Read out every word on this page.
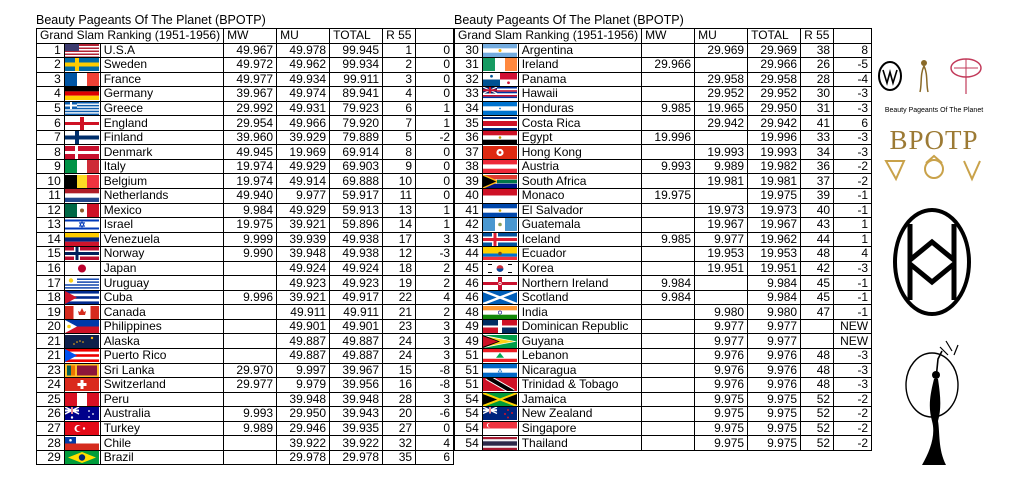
Beauty Pageants Of The Planet (BPOTP)
Grand Slam Ranking (1951-1956)			MW	MU	TOTAL	R 55	
1		U.S.A	49.967	49.978	99.945	1	0
2		Sweden	49.972	49.962	99.934	2	0
3		France	49.977	49.934	99.911	3	0
4		Germany	39.967	49.974	89.941	4	0
5		Greece	29.992	49.931	79.923	6	1
6		England	29.954	49.966	79.920	7	1
7		Finland	39.960	39.929	79.889	5	-2
8		Denmark	49.945	19.969	69.914	8	0
9		Italy	19.974	49.929	69.903	9	0
10		Belgium	19.974	49.914	69.888	10	0
11		Netherlands	49.940	9.977	59.917	11	0
12		Mexico	9.984	49.929	59.913	13	1
13		Israel	19.975	39.921	59.896	14	1
14		Venezuela	9.999	39.939	49.938	17	3
15		Norway	9.990	39.948	49.938	12	-3
16		Japan		49.924	49.924	18	2
17		Uruguay		49.923	49.923	19	2
18		Cuba	9.996	39.921	49.917	22	4
19		Canada		49.911	49.911	21	2
20		Philippines		49.901	49.901	23	3
21		Alaska		49.887	49.887	24	3
21		Puerto Rico		49.887	49.887	24	3
23		Sri Lanka	29.970	9.997	39.967	15	-8
24		Switzerland	29.977	9.979	39.956	16	-8
25		Peru		39.948	39.948	28	3
26		Australia	9.993	29.950	39.943	20	-6
27		Turkey	9.989	29.946	39.935	27	0
28		Chile		39.922	39.922	32	4
29		Brazil		29.978	29.978	35	6
Beauty Pageants Of The Planet (BPOTP)
Grand Slam Ranking (1951-1956)			MW	MU	TOTAL	R 55	
30		Argentina		29.969	29.969	38	8
31		Ireland	29.966		29.966	26	-5
32		Panama		29.958	29.958	28	-4
33		Hawaii		29.952	29.952	30	-3
34		Honduras	9.985	19.965	29.950	31	-3
35		Costa Rica		29.942	29.942	41	6
36		Egypt	19.996		19.996	33	-3
37		Hong Kong		19.993	19.993	34	-3
38		Austria	9.993	9.989	19.982	36	-2
39		South Africa		19.981	19.981	37	-2
40		Monaco	19.975		19.975	39	-1
41		El Salvador		19.973	19.973	40	-1
42		Guatemala		19.967	19.967	43	1
43		Iceland	9.985	9.977	19.962	44	1
44		Ecuador		19.953	19.953	48	4
45		Korea		19.951	19.951	42	-3
46		Northern Ireland	9.984		9.984	45	-1
46		Scotland	9.984		9.984	45	-1
48		India		9.980	9.980	47	-1
49		Dominican Republic		9.977	9.977		NEW
49		Guyana		9.977	9.977		NEW
51		Lebanon		9.976	9.976	48	-3
51		Nicaragua		9.976	9.976	48	-3
51		Trinidad & Tobago		9.976	9.976	48	-3
54		Jamaica		9.975	9.975	52	-2
54		New Zealand		9.975	9.975	52	-2
54		Singapore		9.975	9.975	52	-2
54		Thailand		9.975	9.975	52	-2
Beauty Pageants Of The Planet

BPOTP
